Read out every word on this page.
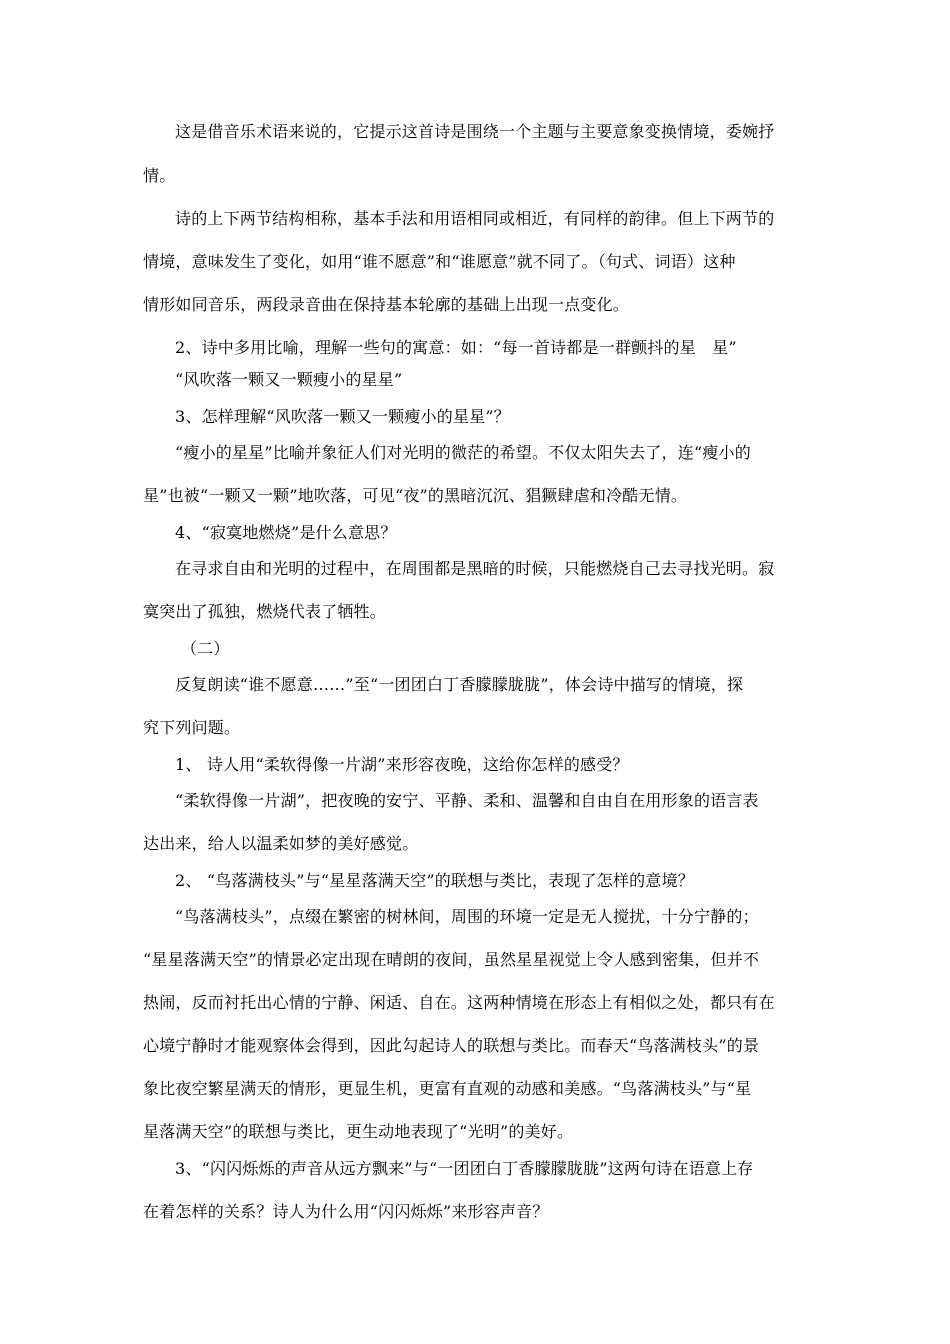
这是借音乐术语来说的，它提示这首诗是围绕一个主题与主要意象变换情境，委婉抒
情。
诗的上下两节结构相称，基本手法和用语相同或相近，有同样的韵律。但上下两节的
情境，意味发生了变化，如用“谁不愿意”和“谁愿意”就不同了。（句式、词语）这种
情形如同音乐，两段录音曲在保持基本轮廓的基础上出现一点变化。
2、诗中多用比喻，理解一些句的寓意：如：“每一首诗都是一群颤抖的星　星”
“风吹落一颗又一颗瘦小的星星”
3、怎样理解“风吹落一颗又一颗瘦小的星星”？
“瘦小的星星”比喻并象征人们对光明的微茫的希望。不仅太阳失去了，连“瘦小的
星”也被“一颗又一颗”地吹落，可见“夜”的黑暗沉沉、猖獗肆虐和冷酷无情。
4、“寂寞地燃烧”是什么意思？
在寻求自由和光明的过程中，在周围都是黑暗的时候，只能燃烧自己去寻找光明。寂
寞突出了孤独，燃烧代表了牺牲。
（二）
反复朗读“谁不愿意……”至“一团团白丁香朦朦胧胧”，体会诗中描写的情境，探
究下列问题。
1、 诗人用“柔软得像一片湖”来形容夜晚，这给你怎样的感受？
“柔软得像一片湖”，把夜晚的安宁、平静、柔和、温馨和自由自在用形象的语言表
达出来，给人以温柔如梦的美好感觉。
2、 “鸟落满枝头”与“星星落满天空”的联想与类比，表现了怎样的意境？
“鸟落满枝头”，点缀在繁密的树林间，周围的环境一定是无人搅扰，十分宁静的；
“星星落满天空”的情景必定出现在晴朗的夜间，虽然星星视觉上令人感到密集，但并不
热闹，反而衬托出心情的宁静、闲适、自在。这两种情境在形态上有相似之处，都只有在
心境宁静时才能观察体会得到，因此勾起诗人的联想与类比。而春天“鸟落满枝头”的景
象比夜空繁星满天的情形，更显生机，更富有直观的动感和美感。“鸟落满枝头”与“星
星落满天空”的联想与类比，更生动地表现了“光明”的美好。
3、“闪闪烁烁的声音从远方飘来”与“一团团白丁香朦朦胧胧”这两句诗在语意上存
在着怎样的关系？诗人为什么用“闪闪烁烁”来形容声音？
